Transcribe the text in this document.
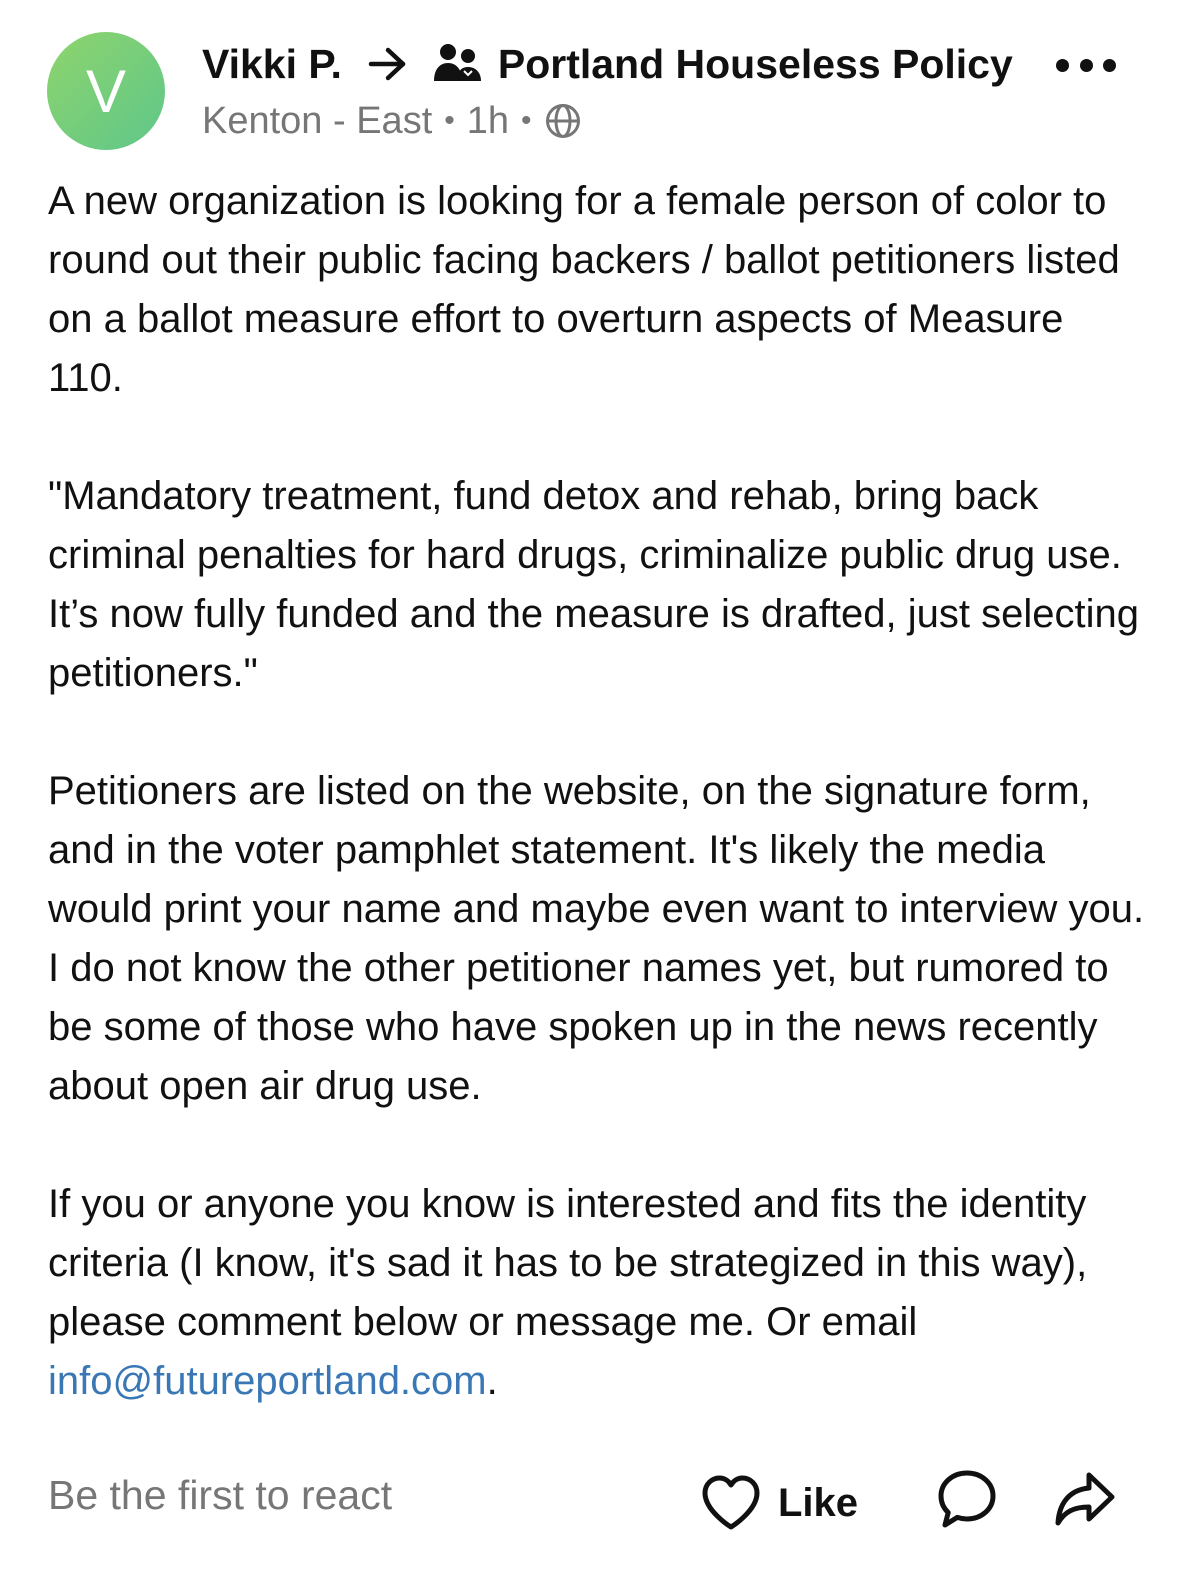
V Vikki P.	Portland Houseless Policy
Kenton - East • 1h •

A new organization is looking for a female person of color to round out their public facing backers / ballot petitioners listed on a ballot measure effort to overturn aspects of Measure 110.

"Mandatory treatment, fund detox and rehab, bring back criminal penalties for hard drugs, criminalize public drug use. It’s now fully funded and the measure is drafted, just selecting petitioners."

Petitioners are listed on the website, on the signature form, and in the voter pamphlet statement. It's likely the media would print your name and maybe even want to interview you. I do not know the other petitioner names yet, but rumored to be some of those who have spoken up in the news recently about open air drug use.

If you or anyone you know is interested and fits the identity criteria (I know, it's sad it has to be strategized in this way), please comment below or message me. Or email info@futureportland.com.

Be the first to react	Like
